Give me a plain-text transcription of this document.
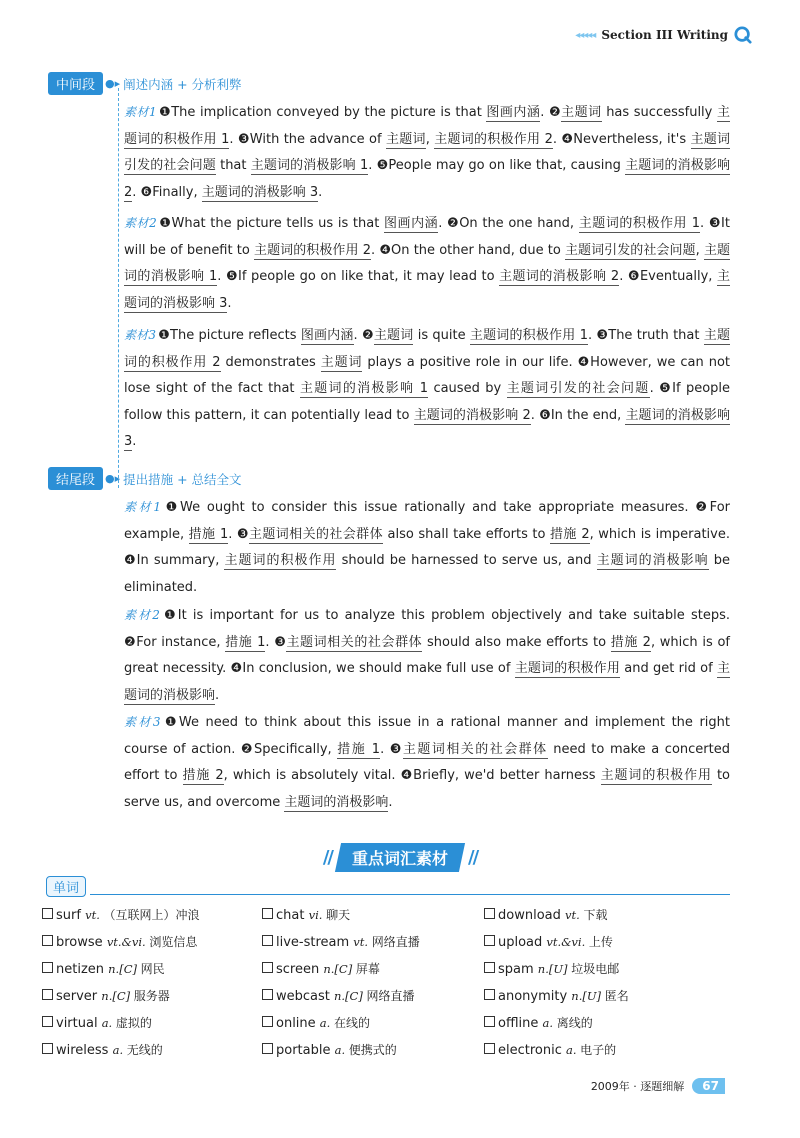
◂◂◂◂◂ Section III Writing
中间段 ●▸ 阐述内涵 + 分析利弊
素材1 ❶The implication conveyed by the picture is that 图画内涵. ❷主题词 has successfully 主题词的积极作用 1. ❸With the advance of 主题词, 主题词的积极作用 2. ❹Nevertheless, it's 主题词引发的社会问题 that 主题词的消极影响 1. ❺People may go on like that, causing 主题词的消极影响 2. ❻Finally, 主题词的消极影响 3.
素材2 ❶What the picture tells us is that 图画内涵. ❷On the one hand, 主题词的积极作用 1. ❸It will be of benefit to 主题词的积极作用 2. ❹On the other hand, due to 主题词引发的社会问题, 主题词的消极影响 1. ❺If people go on like that, it may lead to 主题词的消极影响 2. ❻Eventually, 主题词的消极影响 3.
素材3 ❶The picture reflects 图画内涵. ❷主题词 is quite 主题词的积极作用 1. ❸The truth that 主题词的积极作用 2 demonstrates 主题词 plays a positive role in our life. ❹However, we can not lose sight of the fact that 主题词的消极影响 1 caused by 主题词引发的社会问题. ❺If people follow this pattern, it can potentially lead to 主题词的消极影响 2. ❻In the end, 主题词的消极影响 3.
结尾段 ●▸ 提出措施 + 总结全文
素材1 ❶We ought to consider this issue rationally and take appropriate measures. ❷For example, 措施 1. ❸主题词相关的社会群体 also shall take efforts to 措施 2, which is imperative. ❹In summary, 主题词的积极作用 should be harnessed to serve us, and 主题词的消极影响 be eliminated.
素材2 ❶It is important for us to analyze this problem objectively and take suitable steps. ❷For instance, 措施 1. ❸主题词相关的社会群体 should also make efforts to 措施 2, which is of great necessity. ❹In conclusion, we should make full use of 主题词的积极作用 and get rid of 主题词的消极影响.
素材3 ❶We need to think about this issue in a rational manner and implement the right course of action. ❷Specifically, 措施 1. ❸主题词相关的社会群体 need to make a concerted effort to 措施 2, which is absolutely vital. ❹Briefly, we'd better harness 主题词的积极作用 to serve us, and overcome 主题词的消极影响.
//	重点词汇素材	//
单词
surf vt. （互联网上）冲浪	chat vi. 聊天	download vt. 下载
browse vt.&vi. 浏览信息	live-stream vt. 网络直播	upload vt.&vi. 上传
netizen n.[C] 网民	screen n.[C] 屏幕	spam n.[U] 垃圾电邮
server n.[C] 服务器	webcast n.[C] 网络直播	anonymity n.[U] 匿名
virtual a. 虚拟的	online a. 在线的	offline a. 离线的
wireless a. 无线的	portable a. 便携式的	electronic a. 电子的
2009年 · 逐题细解	67
